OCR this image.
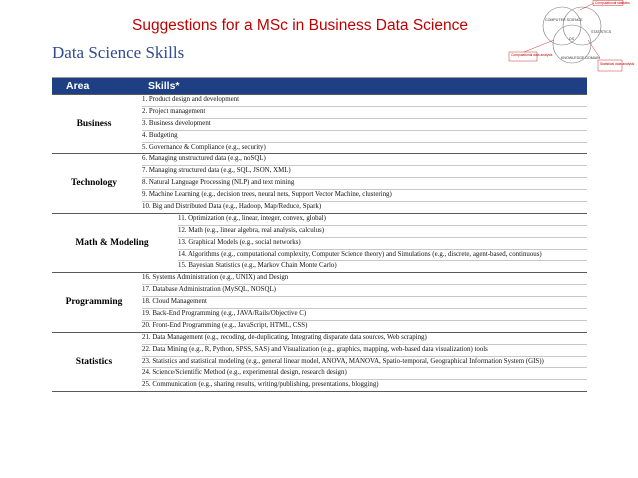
Suggestions for a MSc in Business Data Science
Data Science Skills
COMPUTER SCIENCE
STATISTICS
DS
KNOWLEDGE DOMAIN
Computational statistics
Computational data analysis
Statistical data analysis
Area	Skills*
Business
1. Product design and development
2. Project management
3. Business development
4. Budgeting
5. Governance & Compliance (e.g., security)
Technology
6. Managing unstructured data (e.g., noSQL)
7. Managing structured data (e.g., SQL, JSON, XML)
8. Natural Language Processing (NLP) and text mining
9. Machine Learning (e.g., decision trees, neural nets, Support Vector Machine, clustering)
10. Big and Distributed Data (e.g., Hadoop, Map/Reduce, Spark)
Math & Modeling
11. Optimization (e.g., linear, integer, convex, global)
12. Math (e.g., linear algebra, real analysis, calculus)
13. Graphical Models (e.g., social networks)
14. Algorithms (e.g., computational complexity, Computer Science theory) and Simulations (e.g., discrete, agent-based, continuous)
15. Bayesian Statistics (e.g., Markov Chain Monte Carlo)
Programming
16. Systems Administration (e.g., UNIX) and Design
17. Database Administration (MySQL, NOSQL)
18. Cloud Management
19. Back-End Programming (e.g., JAVA/Rails/Objective C)
20. Front-End Programming (e.g., JavaScript, HTML, CSS)
Statistics
21. Data Management (e.g., recoding, de-duplicating, Integrating disparate data sources, Web scraping)
22. Data Mining (e.g., R, Python, SPSS, SAS) and Visualization (e.g., graphics, mapping, web-based data visualization) tools
23. Statistics and statistical modeling (e.g., general linear model, ANOVA, MANOVA, Spatio-temporal, Geographical Information System (GIS))
24. Science/Scientific Method (e.g., experimental design, research design)
25. Communication (e.g., sharing results, writing/publishing, presentations, blogging)
